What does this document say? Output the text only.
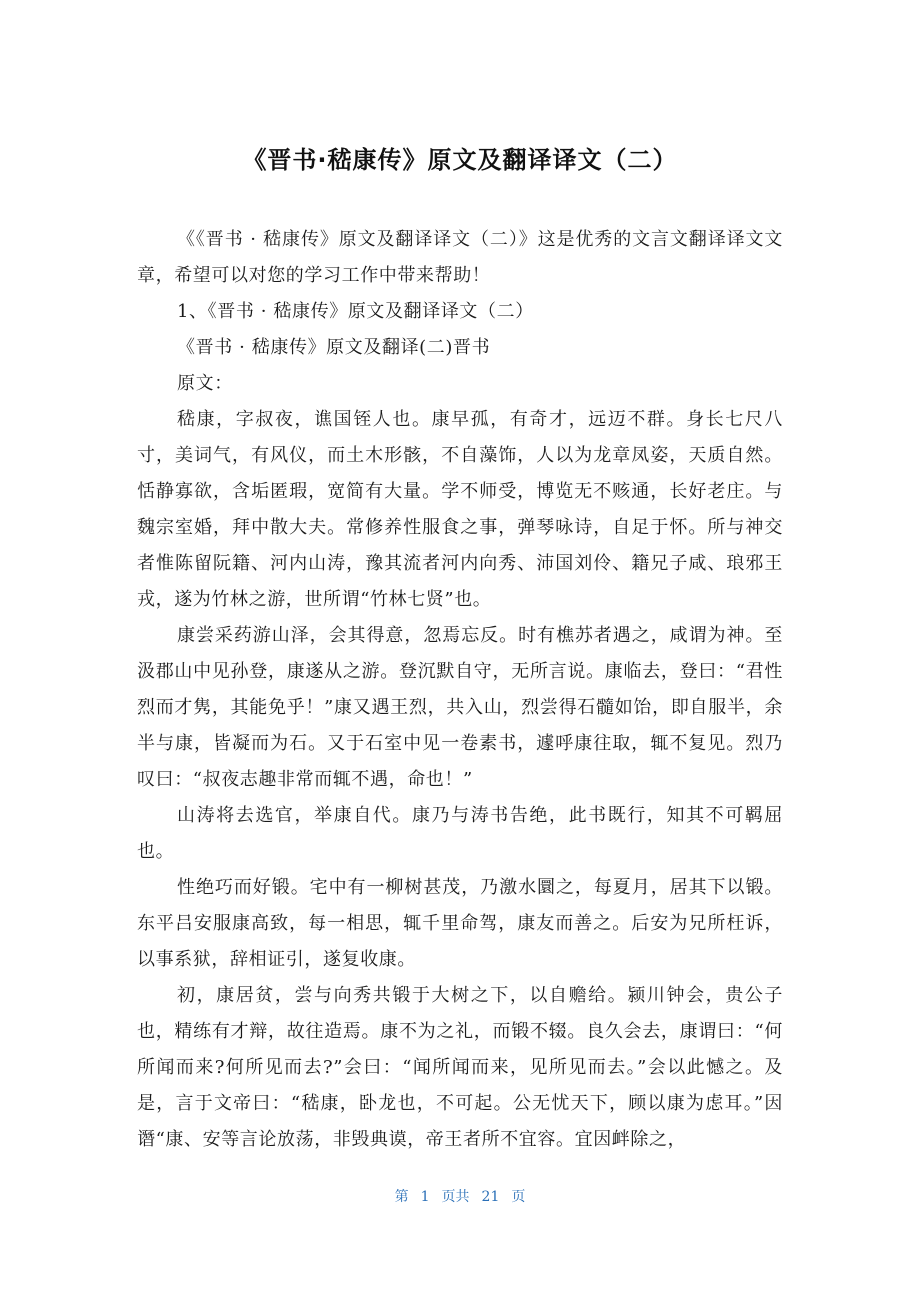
《晋书·嵇康传》原文及翻译译文（二）

《《晋书 · 嵇康传》原文及翻译译文（二）》这是优秀的文言文翻译译文文章，希望可以对您的学习工作中带来帮助！

1、《晋书 · 嵇康传》原文及翻译译文（二）

《晋书 · 嵇康传》原文及翻译(二)晋书

原文：

嵇康，字叔夜，谯国铚人也。康早孤，有奇才，远迈不群。身长七尺八寸，美词气，有风仪，而土木形骸，不自藻饰，人以为龙章凤姿，天质自然。恬静寡欲，含垢匿瑕，宽简有大量。学不师受，博览无不赅通，长好老庄。与魏宗室婚，拜中散大夫。常修养性服食之事，弹琴咏诗，自足于怀。所与神交者惟陈留阮籍、河内山涛，豫其流者河内向秀、沛国刘伶、籍兄子咸、琅邪王戎，遂为竹林之游，世所谓“竹林七贤”也。

康尝采药游山泽，会其得意，忽焉忘反。时有樵苏者遇之，咸谓为神。至汲郡山中见孙登，康遂从之游。登沉默自守，无所言说。康临去，登曰：“君性烈而才隽，其能免乎！”康又遇王烈，共入山，烈尝得石髓如饴，即自服半，余半与康，皆凝而为石。又于石室中见一卷素书，遽呼康往取，辄不复见。烈乃叹曰：“叔夜志趣非常而辄不遇，命也！”

山涛将去选官，举康自代。康乃与涛书告绝，此书既行，知其不可羁屈也。

性绝巧而好锻。宅中有一柳树甚茂，乃激水圜之，每夏月，居其下以锻。东平吕安服康高致，每一相思，辄千里命驾，康友而善之。后安为兄所枉诉，以事系狱，辞相证引，遂复收康。

初，康居贫，尝与向秀共锻于大树之下，以自赡给。颍川钟会，贵公子也，精练有才辩，故往造焉。康不为之礼，而锻不辍。良久会去，康谓曰：“何所闻而来?何所见而去?”会曰：“闻所闻而来，见所见而去。”会以此憾之。及是，言于文帝曰：“嵇康，卧龙也，不可起。公无忧天下，顾以康为虑耳。”因谮“康、安等言论放荡，非毁典谟，帝王者所不宜容。宜因衅除之，

第 1 页共 21 页
